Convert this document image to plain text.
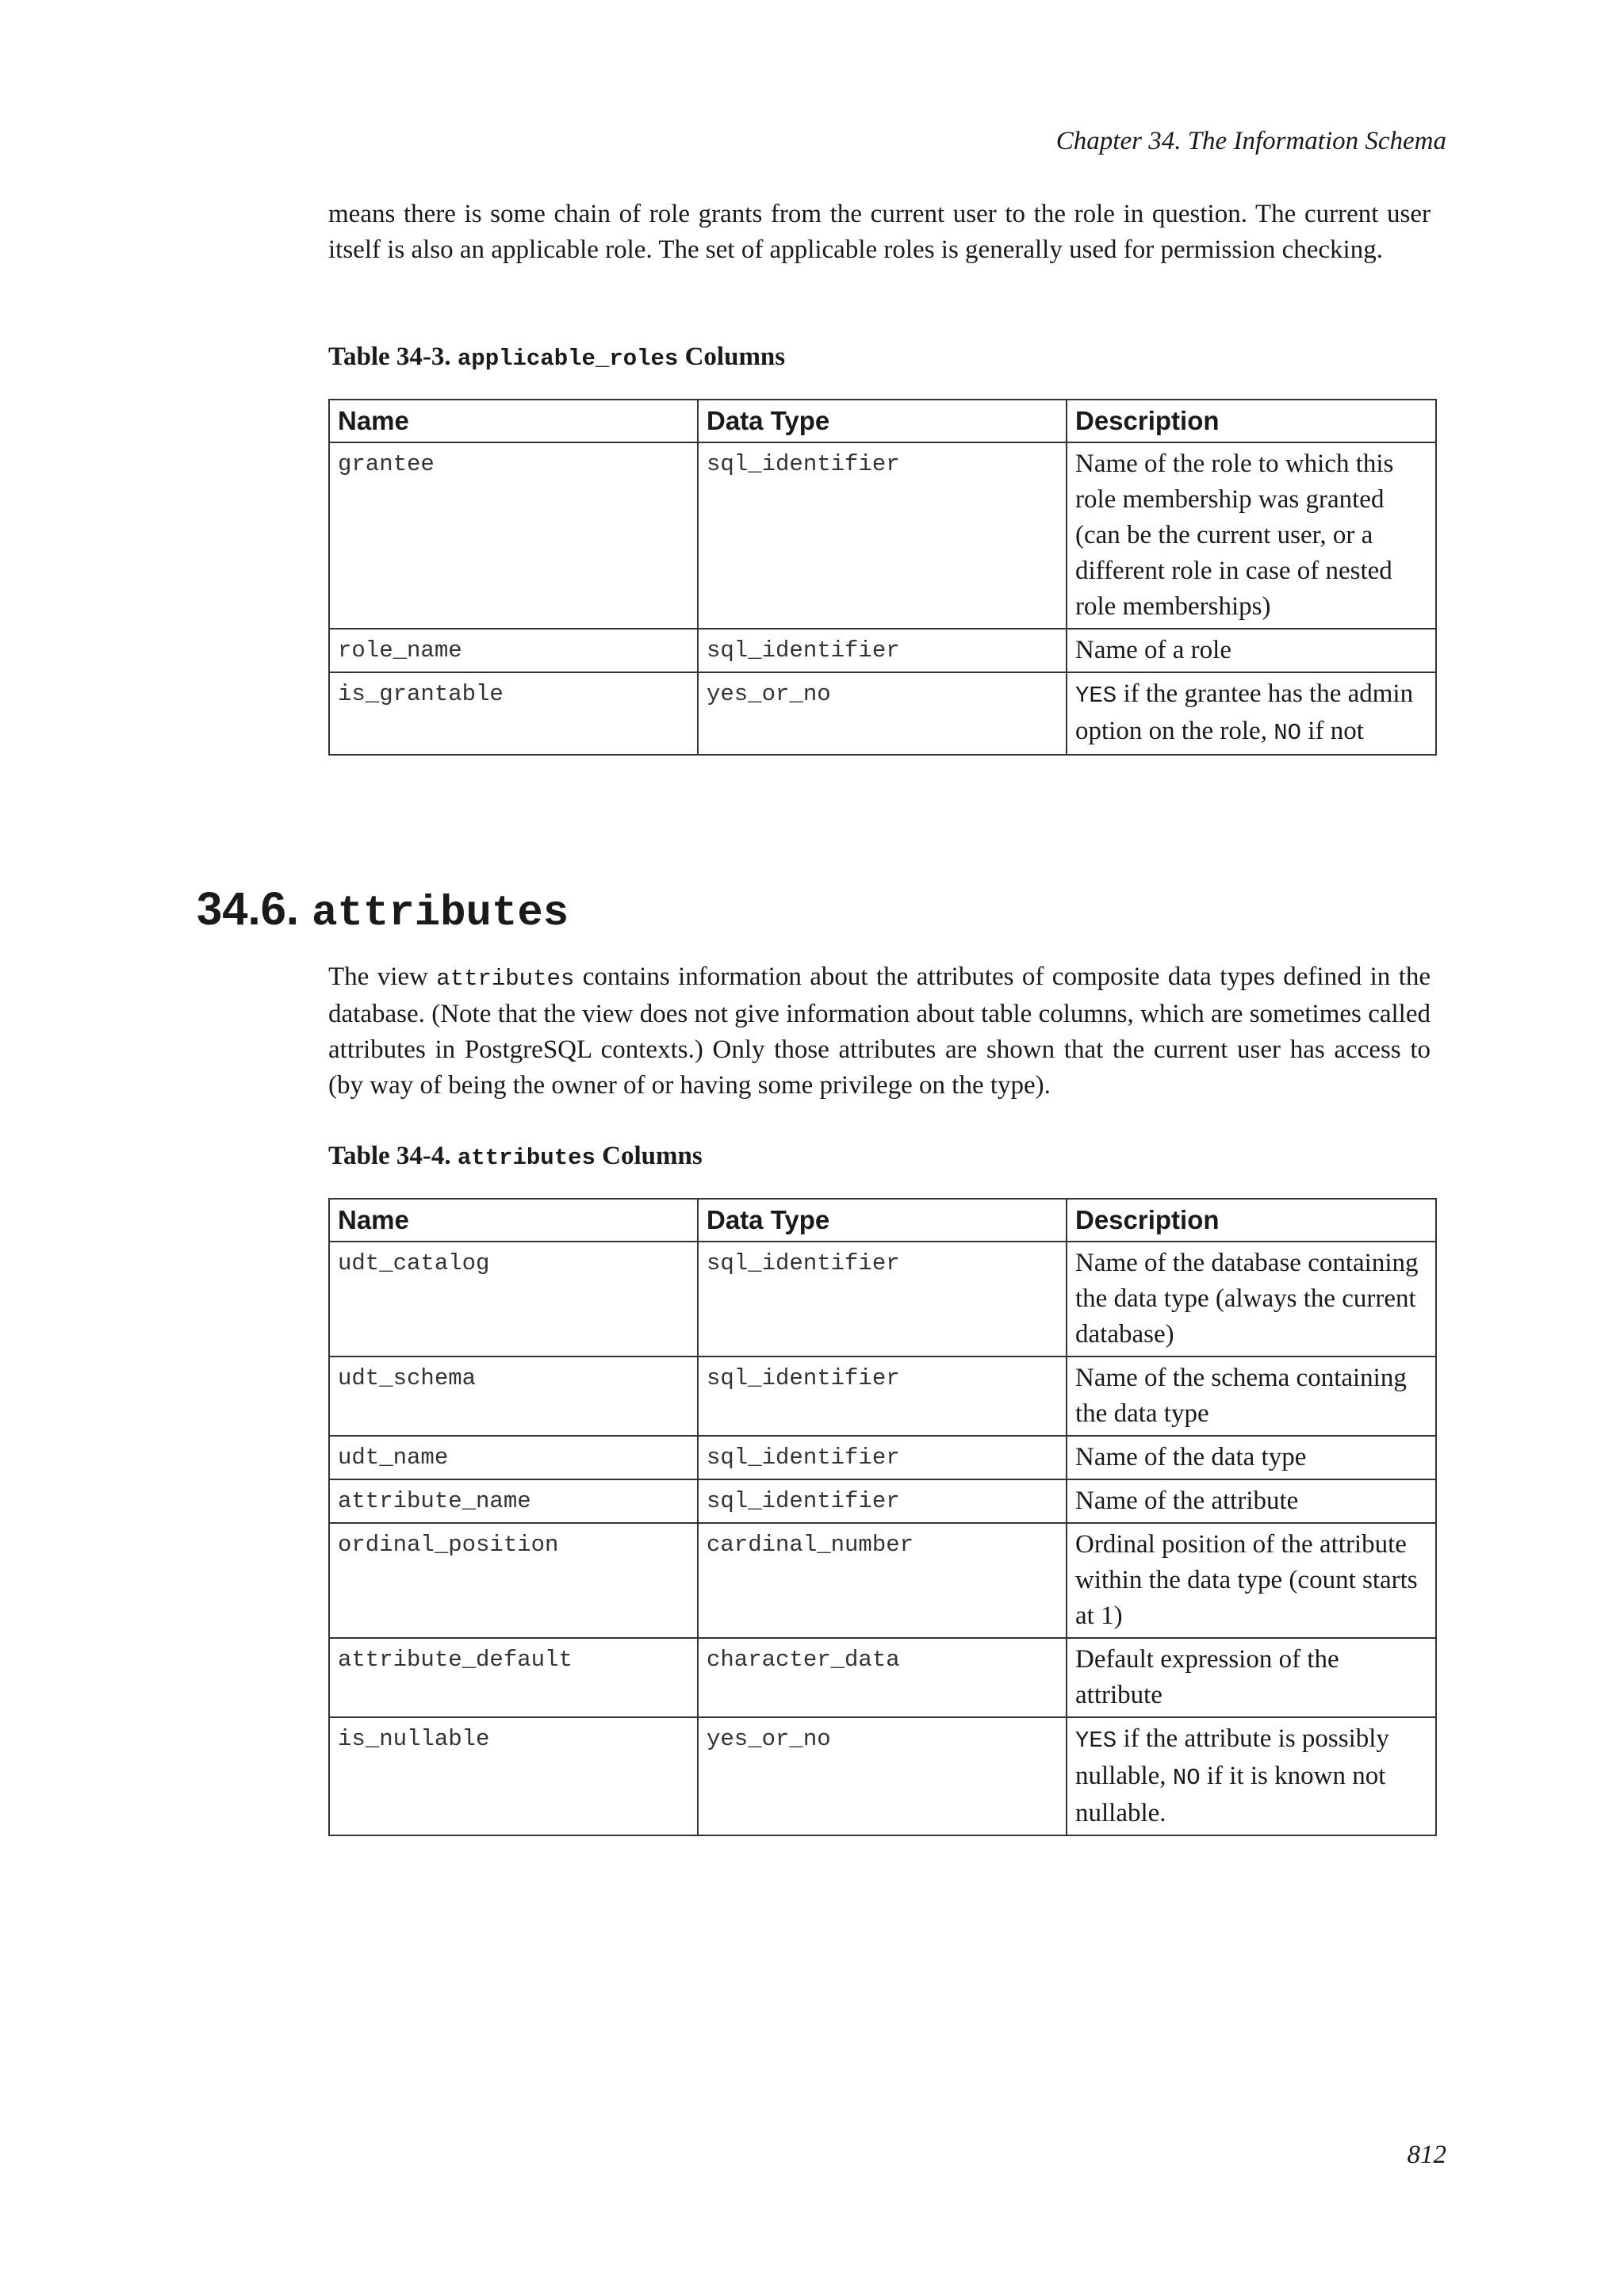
Chapter 34. The Information Schema
means there is some chain of role grants from the current user to the role in question. The current user itself is also an applicable role. The set of applicable roles is generally used for permission checking.
Table 34-3. applicable_roles Columns
Name	Data Type	Description
grantee	sql_identifier	Name of the role to which this role membership was granted (can be the current user, or a different role in case of nested role memberships)
role_name	sql_identifier	Name of a role
is_grantable	yes_or_no	YES if the grantee has the admin option on the role, NO if not
34.6. attributes
The view attributes contains information about the attributes of composite data types defined in the database. (Note that the view does not give information about table columns, which are sometimes called attributes in PostgreSQL contexts.) Only those attributes are shown that the current user has access to (by way of being the owner of or having some privilege on the type).
Table 34-4. attributes Columns
Name	Data Type	Description
udt_catalog	sql_identifier	Name of the database containing the data type (always the current database)
udt_schema	sql_identifier	Name of the schema containing the data type
udt_name	sql_identifier	Name of the data type
attribute_name	sql_identifier	Name of the attribute
ordinal_position	cardinal_number	Ordinal position of the attribute within the data type (count starts at 1)
attribute_default	character_data	Default expression of the attribute
is_nullable	yes_or_no	YES if the attribute is possibly nullable, NO if it is known not nullable.
812
